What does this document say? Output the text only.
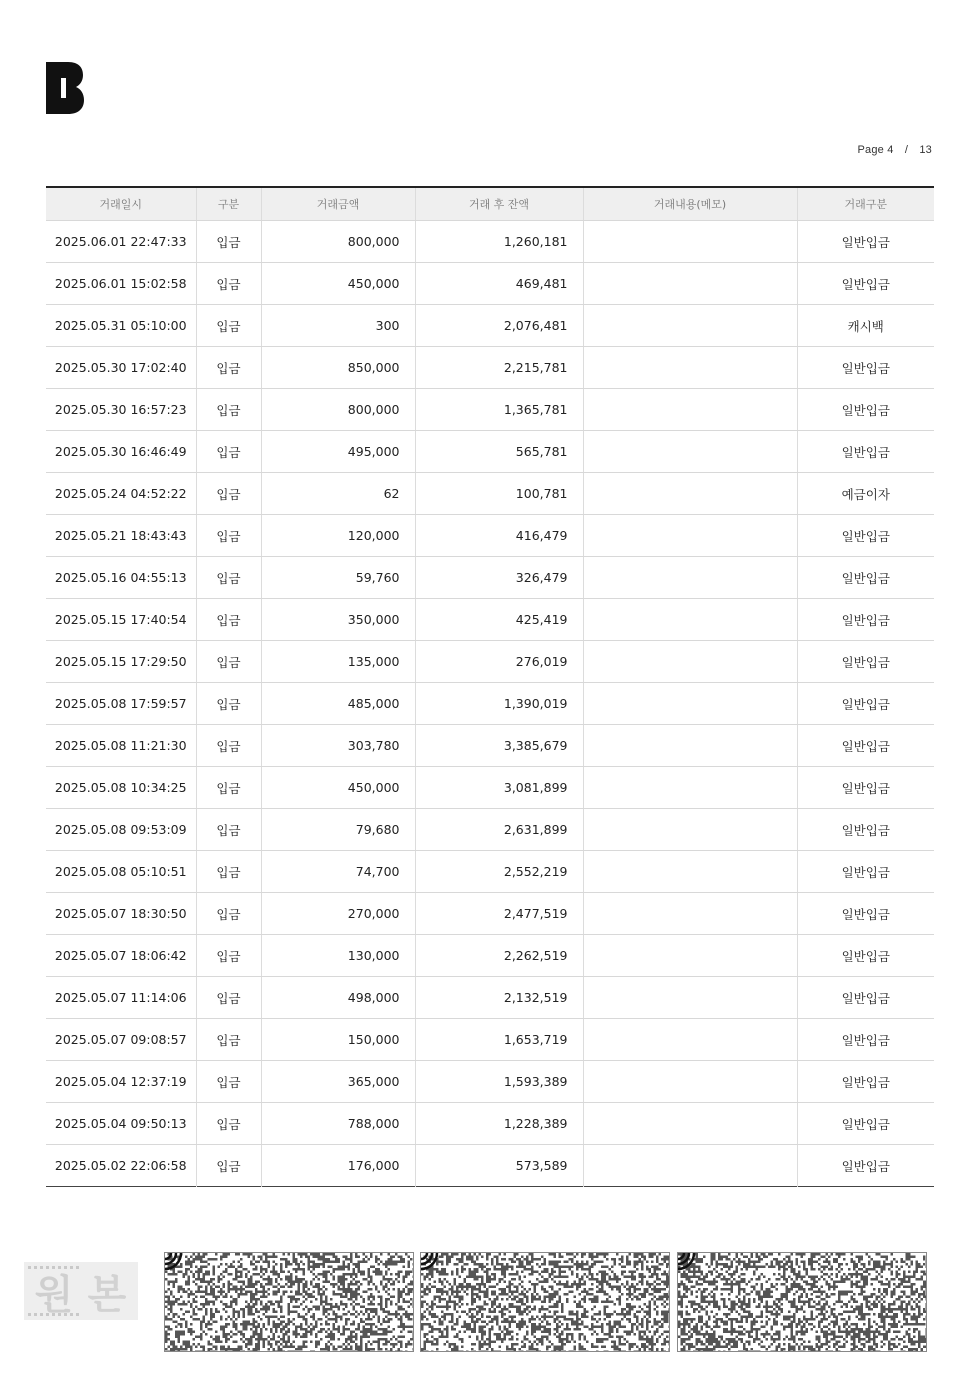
Page 4 / 13
거래일시	구분	거래금액	거래 후 잔액	거래내용(메모)	거래구분
2025.06.01 22:47:33	입금	800,000	1,260,181		일반입금
2025.06.01 15:02:58	입금	450,000	469,481		일반입금
2025.05.31 05:10:00	입금	300	2,076,481		캐시백
2025.05.30 17:02:40	입금	850,000	2,215,781		일반입금
2025.05.30 16:57:23	입금	800,000	1,365,781		일반입금
2025.05.30 16:46:49	입금	495,000	565,781		일반입금
2025.05.24 04:52:22	입금	62	100,781		예금이자
2025.05.21 18:43:43	입금	120,000	416,479		일반입금
2025.05.16 04:55:13	입금	59,760	326,479		일반입금
2025.05.15 17:40:54	입금	350,000	425,419		일반입금
2025.05.15 17:29:50	입금	135,000	276,019		일반입금
2025.05.08 17:59:57	입금	485,000	1,390,019		일반입금
2025.05.08 11:21:30	입금	303,780	3,385,679		일반입금
2025.05.08 10:34:25	입금	450,000	3,081,899		일반입금
2025.05.08 09:53:09	입금	79,680	2,631,899		일반입금
2025.05.08 05:10:51	입금	74,700	2,552,219		일반입금
2025.05.07 18:30:50	입금	270,000	2,477,519		일반입금
2025.05.07 18:06:42	입금	130,000	2,262,519		일반입금
2025.05.07 11:14:06	입금	498,000	2,132,519		일반입금
2025.05.07 09:08:57	입금	150,000	1,653,719		일반입금
2025.05.04 12:37:19	입금	365,000	1,593,389		일반입금
2025.05.04 09:50:13	입금	788,000	1,228,389		일반입금
2025.05.02 22:06:58	입금	176,000	573,589		일반입금
원 본
